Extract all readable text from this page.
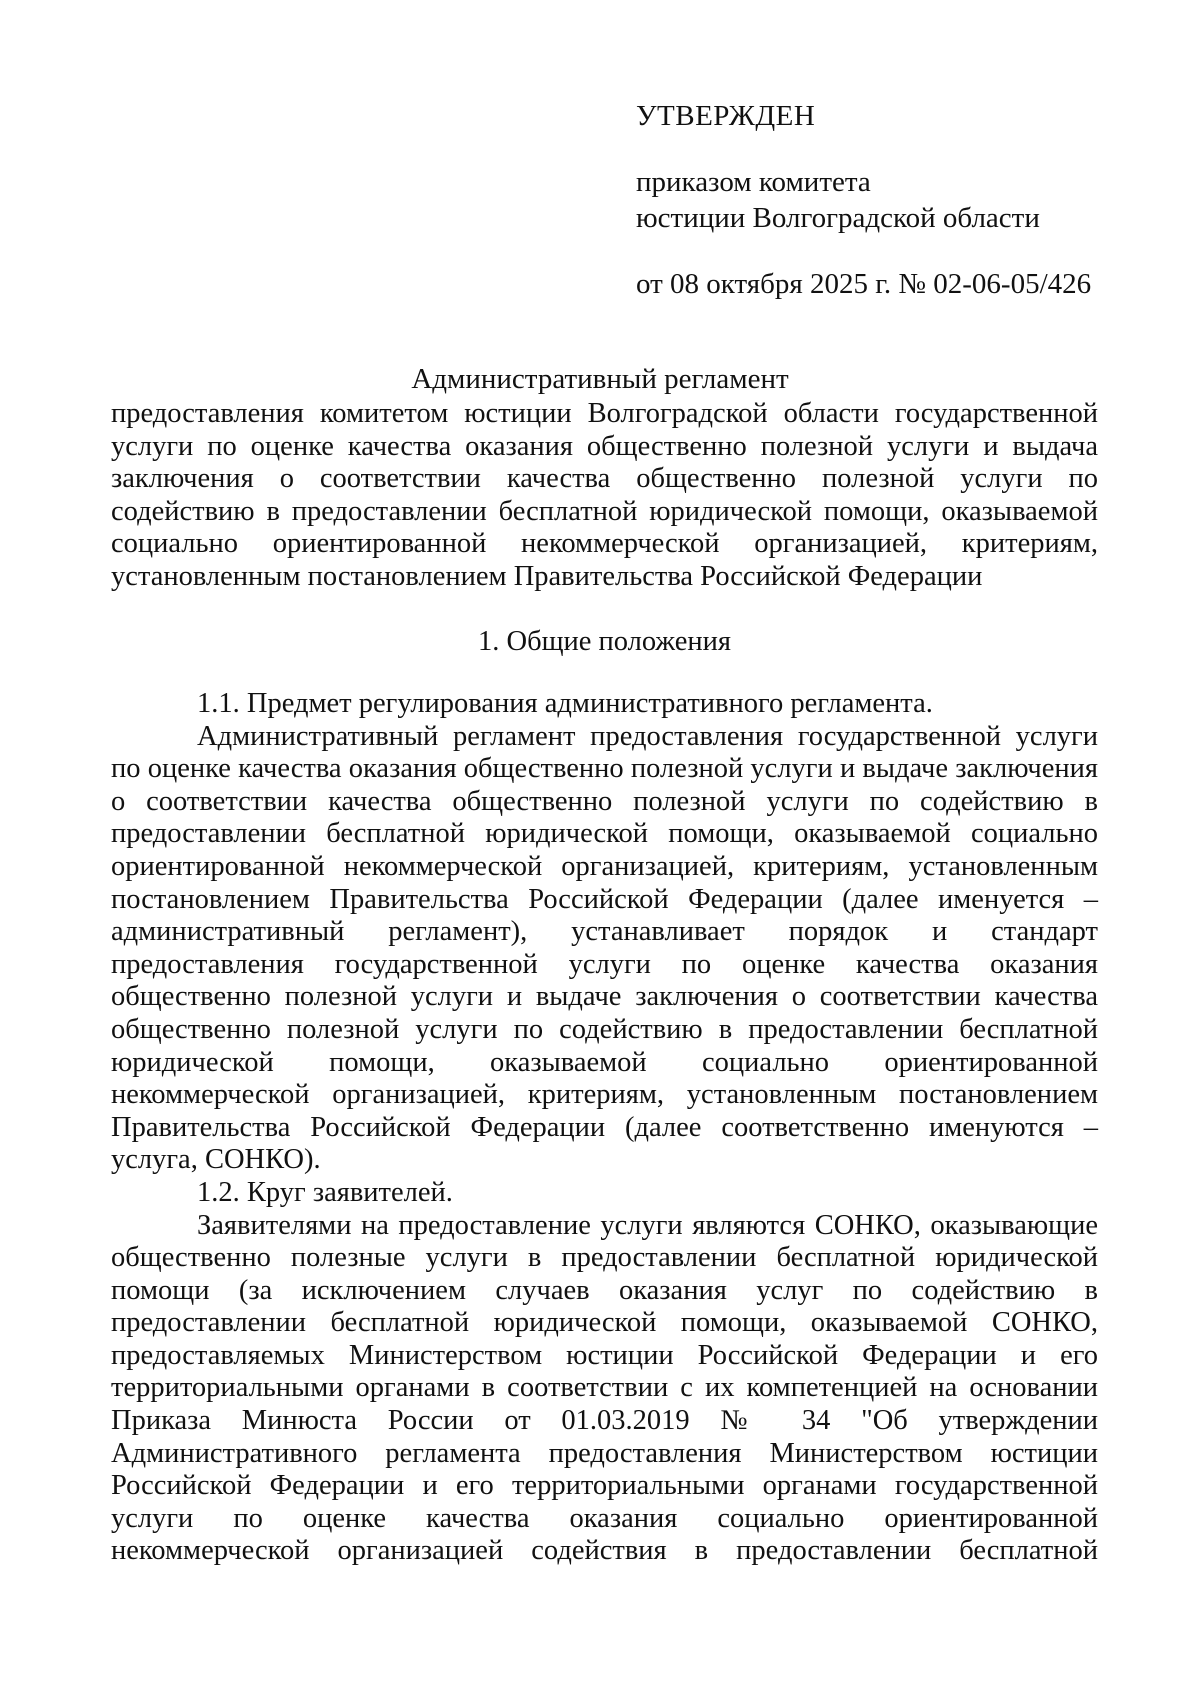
УТВЕРЖДЕН
приказом комитета
юстиции Волгоградской области
от 08 октября 2025 г. № 02-06-05/426
Административный регламент

предоставления комитетом юстиции Волгоградской области государственной услуги по оценке качества оказания общественно полезной услуги и выдача заключения о соответствии качества общественно полезной услуги по содействию в предоставлении бесплатной юридической помощи, оказываемой социально ориентированной некоммерческой организацией, критериям, установленным постановлением Правительства Российской Федерации

1. Общие положения

1.1. Предмет регулирования административного регламента.

Административный регламент предоставления государственной услуги по оценке качества оказания общественно полезной услуги и выдаче заключения о соответствии качества общественно полезной услуги по содействию в предоставлении бесплатной юридической помощи, оказываемой социально ориентированной некоммерческой организацией, критериям, установленным постановлением Правительства Российской Федерации (далее именуется – административный регламент), устанавливает порядок и стандарт предоставления государственной услуги по оценке качества оказания общественно полезной услуги и выдаче заключения о соответствии качества общественно полезной услуги по содействию в предоставлении бесплатной юридической помощи, оказываемой социально ориентированной некоммерческой организацией, критериям, установленным постановлением Правительства Российской Федерации (далее соответственно именуются – услуга, СОНКО).

1.2. Круг заявителей.

Заявителями на предоставление услуги являются СОНКО, оказывающие общественно полезные услуги в предоставлении бесплатной юридической помощи (за исключением случаев оказания услуг по содействию в предоставлении бесплатной юридической помощи, оказываемой СОНКО, предоставляемых Министерством юстиции Российской Федерации и его территориальными органами в соответствии с их компетенцией на основании Приказа Минюста России от 01.03.2019 № 34 "Об утверждении Административного регламента предоставления Министерством юстиции Российской Федерации и его территориальными органами государственной услуги по оценке качества оказания социально ориентированной некоммерческой организацией содействия в предоставлении бесплатной
